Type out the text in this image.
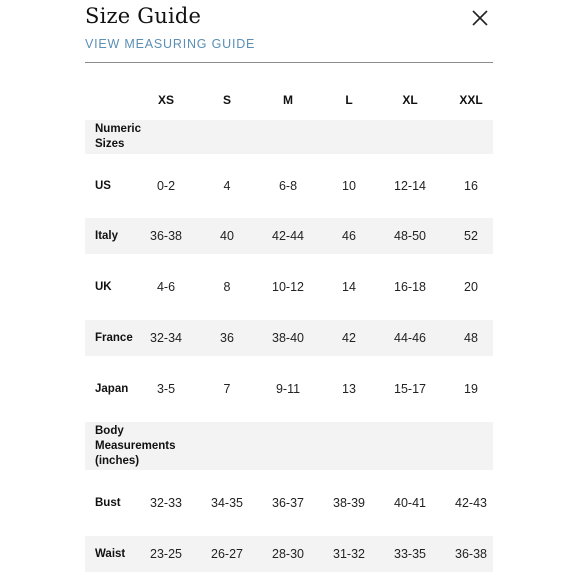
Size Guide
VIEW MEASURING GUIDE
XS	S	M	L	XL	XXL
Numeric Sizes
US	0-2	4	6-8	10	12-14	16
Italy	36-38	40	42-44	46	48-50	52
UK	4-6	8	10-12	14	16-18	20
France	32-34	36	38-40	42	44-46	48
Japan	3-5	7	9-11	13	15-17	19
Body Measurements (inches)
Bust	32-33	34-35	36-37	38-39	40-41	42-43
Waist	23-25	26-27	28-30	31-32	33-35	36-38
